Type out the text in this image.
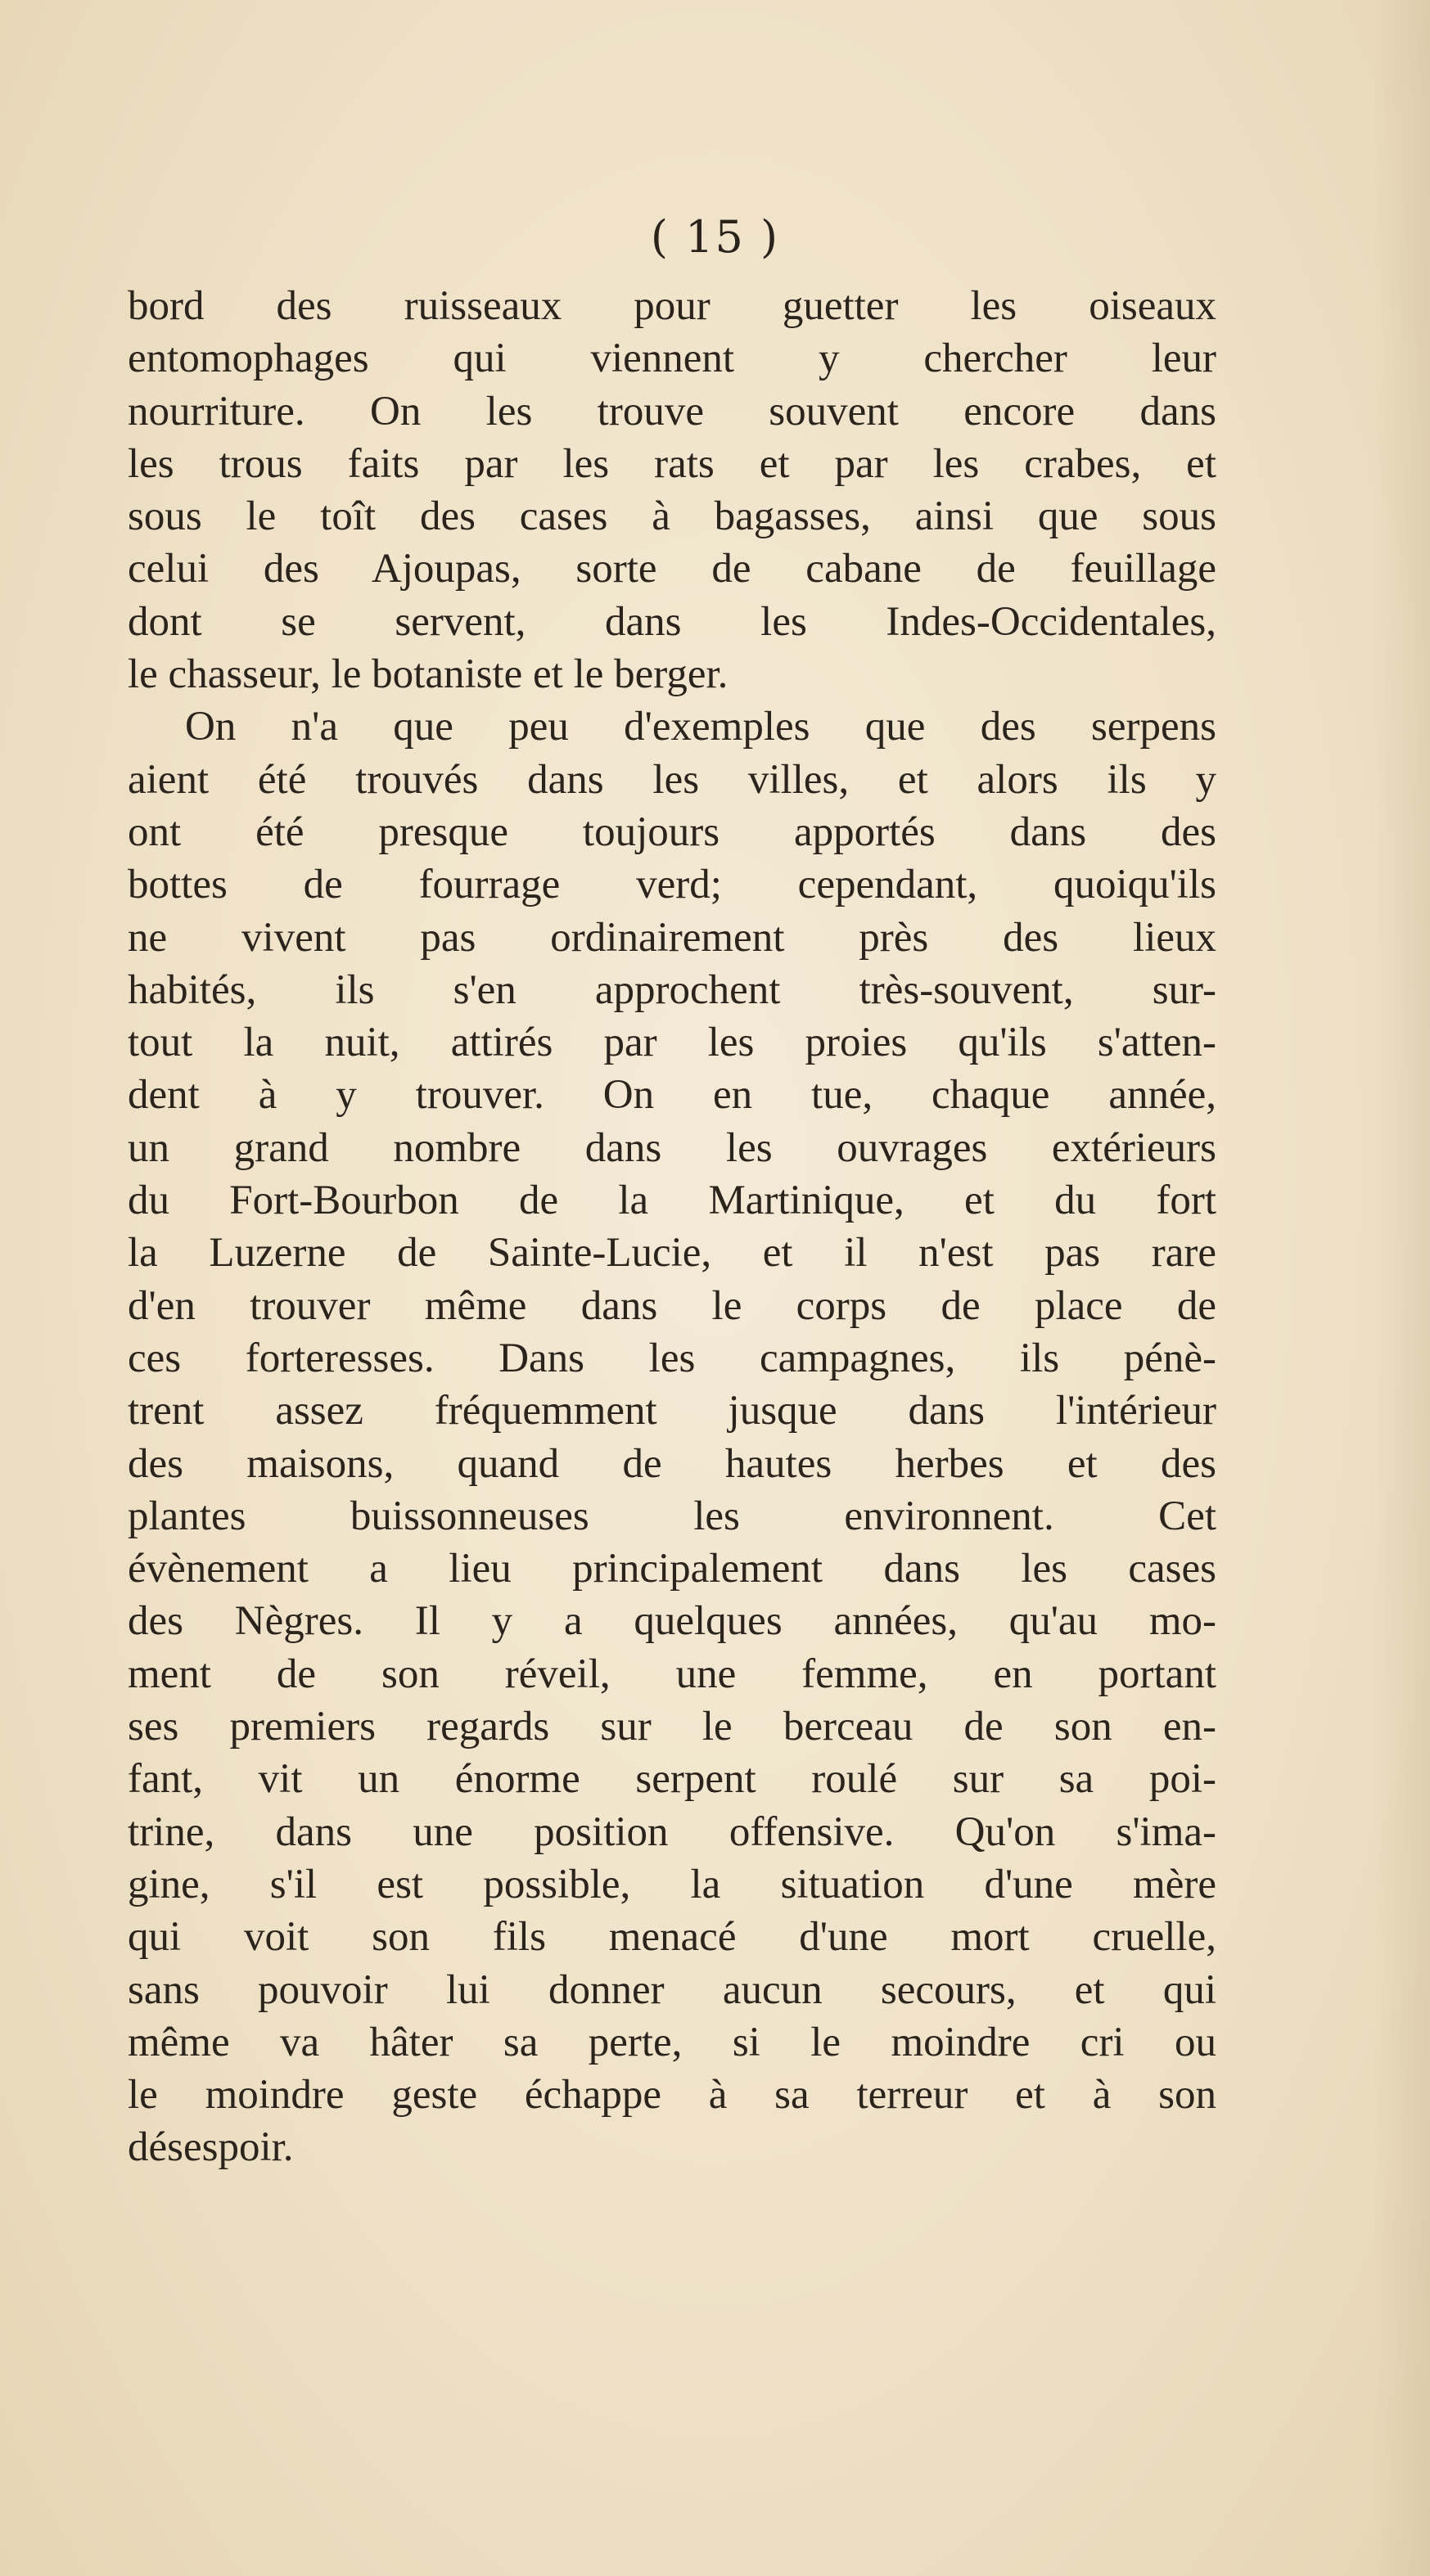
( 15 )
bord des ruisseaux pour guetter les oiseaux
entomophages qui viennent y chercher leur
nourriture. On les trouve souvent encore dans
les trous faits par les rats et par les crabes, et
sous le toît des cases à bagasses, ainsi que sous
celui des Ajoupas, sorte de cabane de feuillage
dont se servent, dans les Indes-Occidentales,
le chasseur, le botaniste et le berger.
On n'a que peu d'exemples que des serpens
aient été trouvés dans les villes, et alors ils y
ont été presque toujours apportés dans des
bottes de fourrage verd; cependant, quoiqu'ils
ne vivent pas ordinairement près des lieux
habités, ils s'en approchent très-souvent, sur-
tout la nuit, attirés par les proies qu'ils s'atten-
dent à y trouver. On en tue, chaque année,
un grand nombre dans les ouvrages extérieurs
du Fort-Bourbon de la Martinique, et du fort
la Luzerne de Sainte-Lucie, et il n'est pas rare
d'en trouver même dans le corps de place de
ces forteresses. Dans les campagnes, ils pénè-
trent assez fréquemment jusque dans l'intérieur
des maisons, quand de hautes herbes et des
plantes buissonneuses les environnent. Cet
évènement a lieu principalement dans les cases
des Nègres. Il y a quelques années, qu'au mo-
ment de son réveil, une femme, en portant
ses premiers regards sur le berceau de son en-
fant, vit un énorme serpent roulé sur sa poi-
trine, dans une position offensive. Qu'on s'ima-
gine, s'il est possible, la situation d'une mère
qui voit son fils menacé d'une mort cruelle,
sans pouvoir lui donner aucun secours, et qui
même va hâter sa perte, si le moindre cri ou
le moindre geste échappe à sa terreur et à son
désespoir.
